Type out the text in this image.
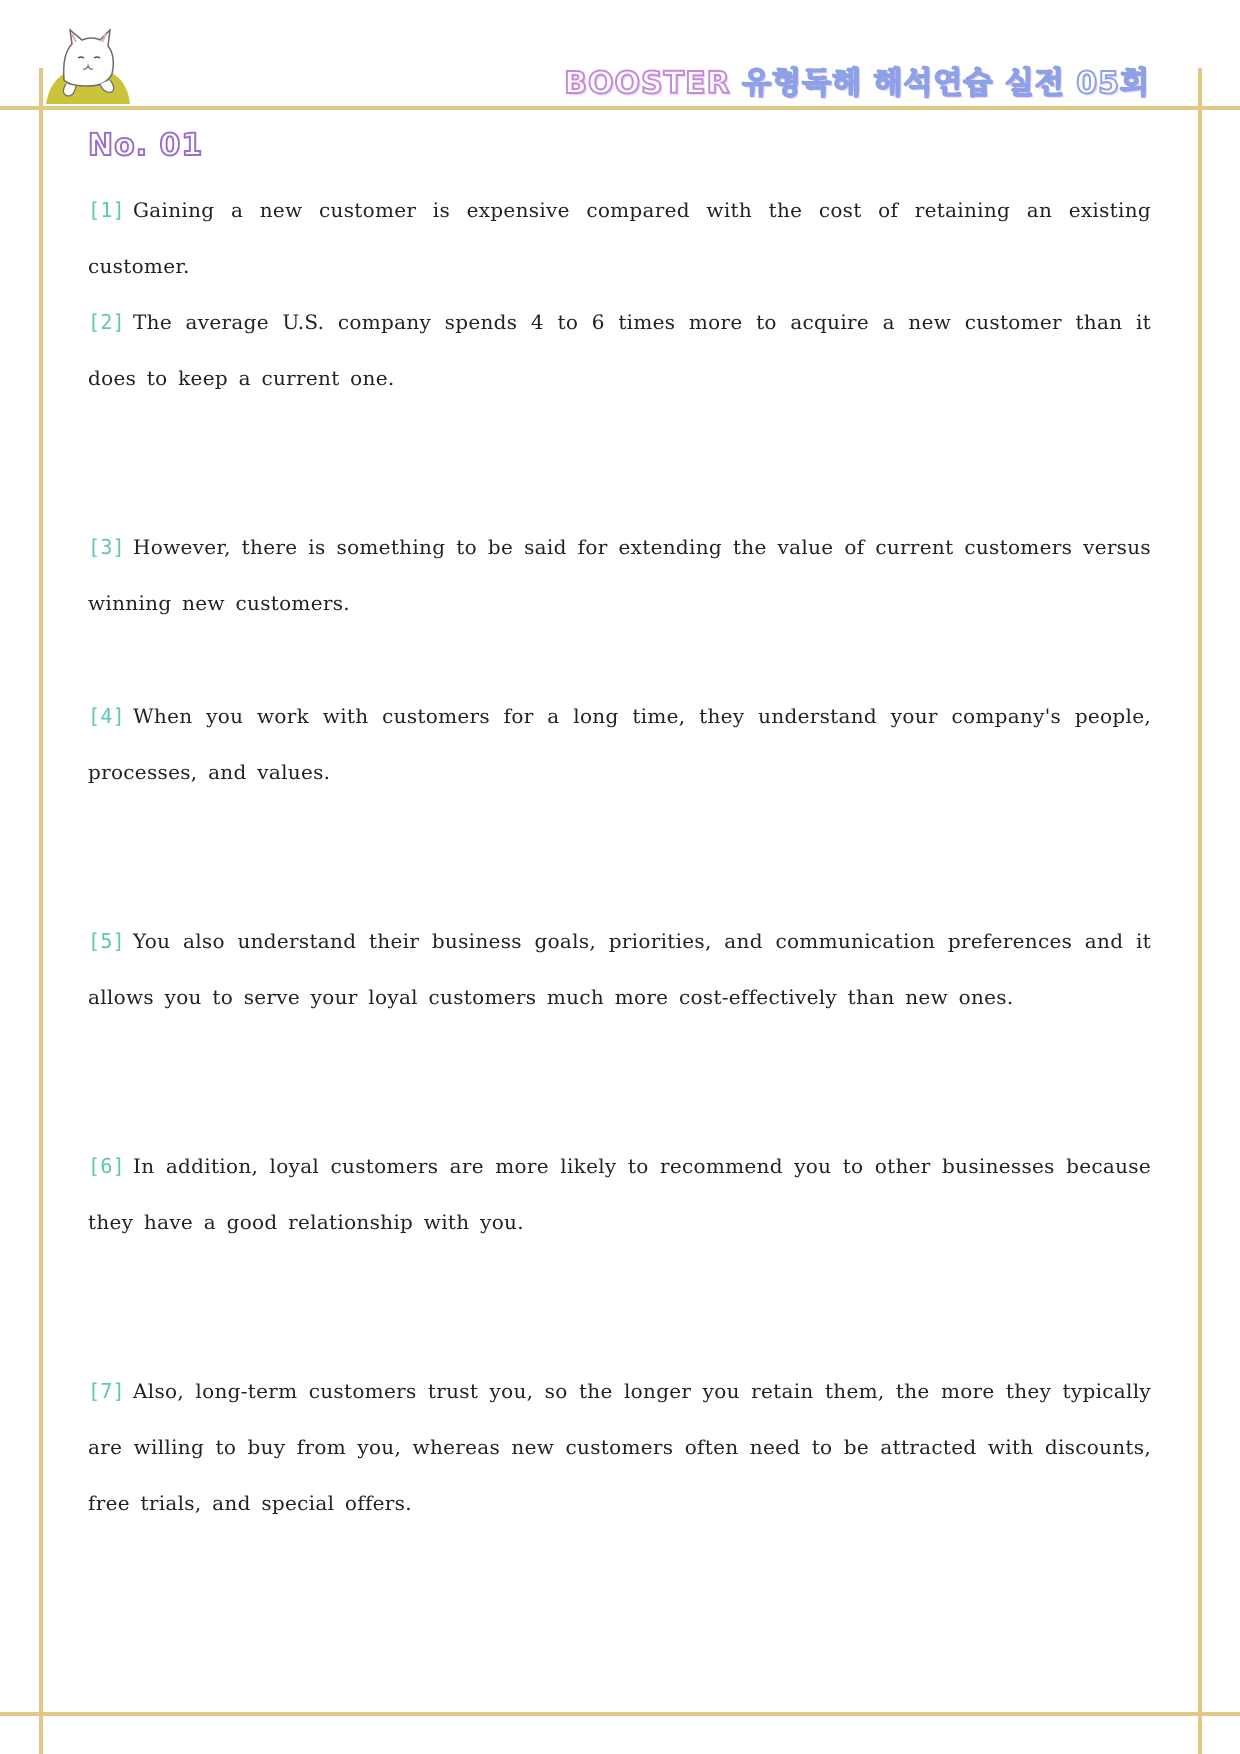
BOOSTER 유형독해 해석연습 실전 05회
No. 01

[1] Gaining a new customer is expensive compared with the cost of retaining an existing customer.

[2] The average U.S. company spends 4 to 6 times more to acquire a new customer than it does to keep a current one.

[3] However, there is something to be said for extending the value of current customers versus winning new customers.

[4] When you work with customers for a long time, they understand your company's people, processes, and values.

[5] You also understand their business goals, priorities, and communication preferences and it allows you to serve your loyal customers much more cost-effectively than new ones.

[6] In addition, loyal customers are more likely to recommend you to other businesses because they have a good relationship with you.

[7] Also, long-term customers trust you, so the longer you retain them, the more they typically are willing to buy from you, whereas new customers often need to be attracted with discounts, free trials, and special offers.
